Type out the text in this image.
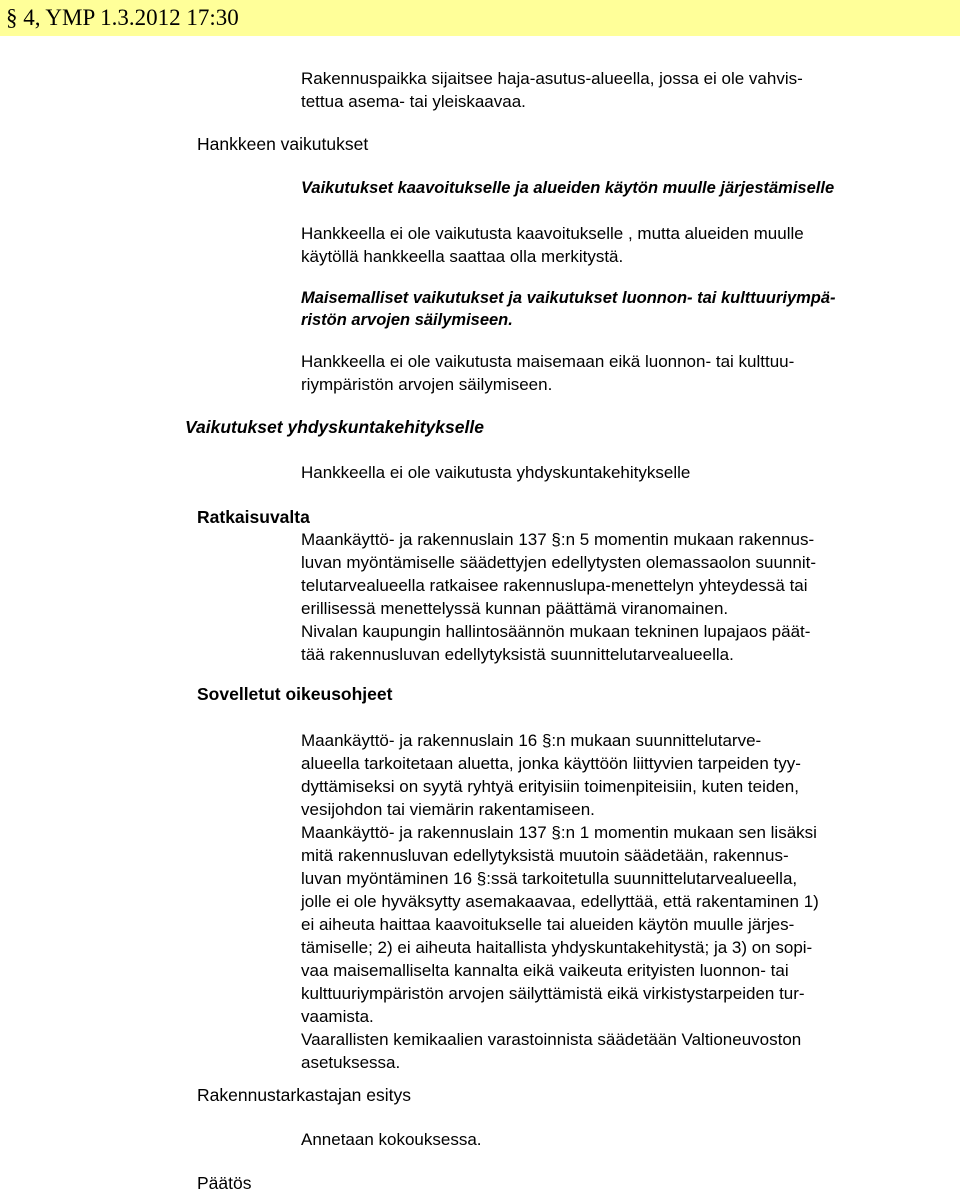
§ 4, YMP 1.3.2012 17:30
Rakennuspaikka sijaitsee haja-asutus-alueella, jossa ei ole vahvis-
tettua asema- tai yleiskaavaa.
Hankkeen vaikutukset
Vaikutukset kaavoitukselle ja alueiden käytön muulle järjestämiselle
Hankkeella ei ole vaikutusta kaavoitukselle , mutta alueiden muulle
käytöllä hankkeella saattaa olla merkitystä.
Maisemalliset vaikutukset ja vaikutukset luonnon- tai kulttuuriympä-
ristön arvojen säilymiseen.
Hankkeella ei ole vaikutusta maisemaan eikä luonnon- tai kulttuu-
riympäristön arvojen säilymiseen.
Vaikutukset yhdyskuntakehitykselle
Hankkeella ei ole vaikutusta yhdyskuntakehitykselle
Ratkaisuvalta
Maankäyttö- ja rakennuslain 137 §:n 5 momentin mukaan rakennus-
luvan myöntämiselle säädettyjen edellytysten olemassaolon suunnit-
telutarvealueella ratkaisee rakennuslupa-menettelyn yhteydessä tai
erillisessä menettelyssä kunnan päättämä viranomainen.
Nivalan kaupungin hallintosäännön mukaan tekninen lupajaos päät-
tää rakennusluvan edellytyksistä suunnittelutarvealueella.
Sovelletut oikeusohjeet
Maankäyttö- ja rakennuslain 16 §:n mukaan suunnittelutarve-
alueella tarkoitetaan aluetta, jonka käyttöön liittyvien tarpeiden tyy-
dyttämiseksi on syytä ryhtyä erityisiin toimenpiteisiin, kuten teiden,
vesijohdon tai viemärin rakentamiseen.
Maankäyttö- ja rakennuslain 137 §:n 1 momentin mukaan sen lisäksi
mitä rakennusluvan edellytyksistä muutoin säädetään, rakennus-
luvan myöntäminen 16 §:ssä tarkoitetulla suunnittelutarvealueella,
jolle ei ole hyväksytty asemakaavaa, edellyttää, että rakentaminen 1)
ei aiheuta haittaa kaavoitukselle tai alueiden käytön muulle järjes-
tämiselle; 2) ei aiheuta haitallista yhdyskuntakehitystä; ja 3) on sopi-
vaa maisemalliselta kannalta eikä vaikeuta erityisten luonnon- tai
kulttuuriympäristön arvojen säilyttämistä eikä virkistystarpeiden tur-
vaamista.
Vaarallisten kemikaalien varastoinnista säädetään Valtioneuvoston
asetuksessa.
Rakennustarkastajan esitys
Annetaan kokouksessa.
Päätös
